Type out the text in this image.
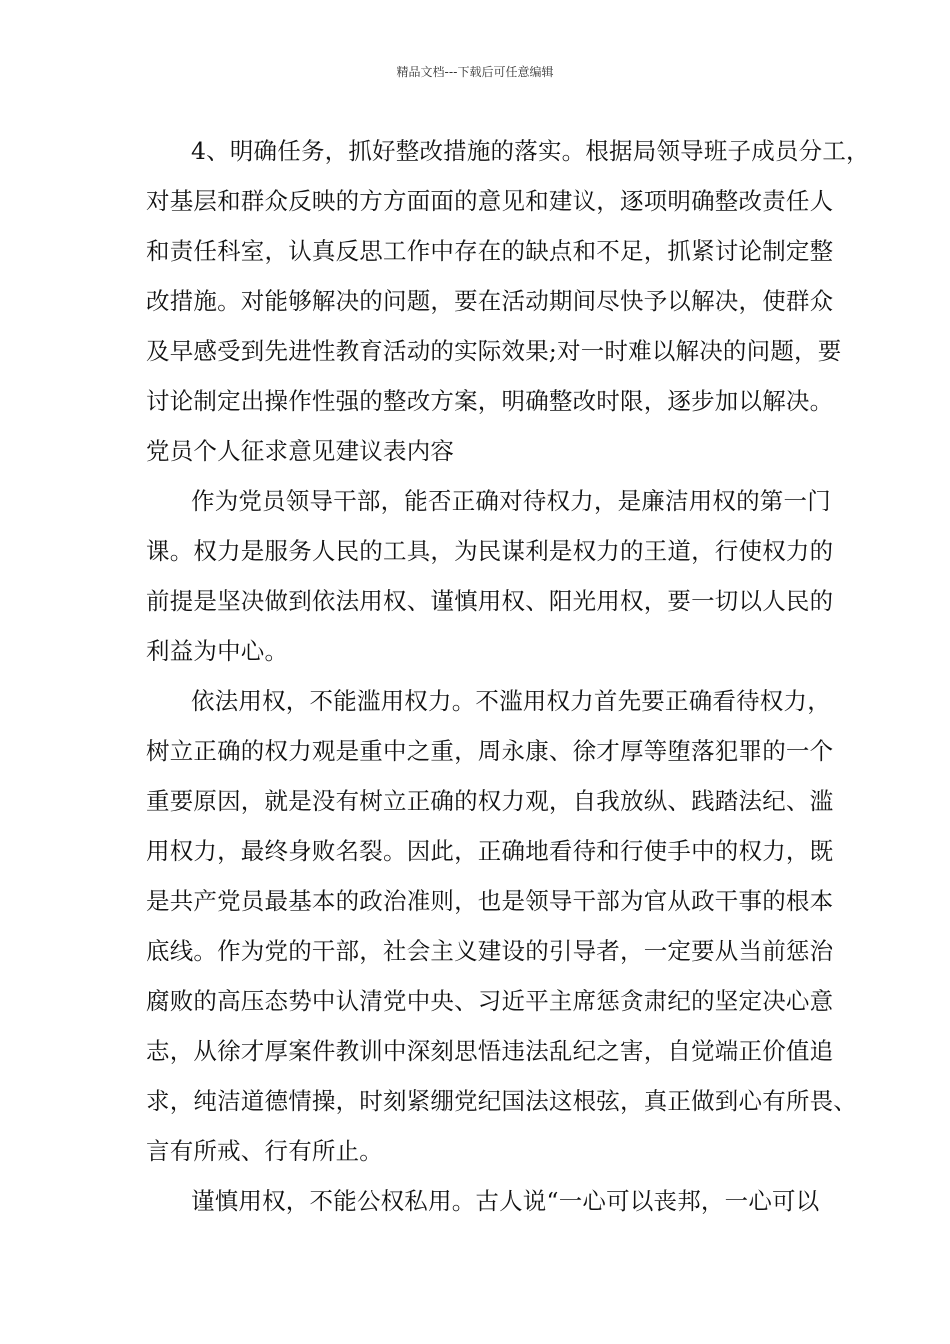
精品文档---下载后可任意编辑
4、明确任务，抓好整改措施的落实。根据局领导班子成员分工，
对基层和群众反映的方方面面的意见和建议，逐项明确整改责任人
和责任科室，认真反思工作中存在的缺点和不足，抓紧讨论制定整
改措施。对能够解决的问题，要在活动期间尽快予以解决，使群众
及早感受到先进性教育活动的实际效果;对一时难以解决的问题，要
讨论制定出操作性强的整改方案，明确整改时限，逐步加以解决。
党员个人征求意见建议表内容
作为党员领导干部，能否正确对待权力，是廉洁用权的第一门
课。权力是服务人民的工具，为民谋利是权力的王道，行使权力的
前提是坚决做到依法用权、谨慎用权、阳光用权，要一切以人民的
利益为中心。
依法用权，不能滥用权力。不滥用权力首先要正确看待权力，
树立正确的权力观是重中之重，周永康、徐才厚等堕落犯罪的一个
重要原因，就是没有树立正确的权力观，自我放纵、践踏法纪、滥
用权力，最终身败名裂。因此，正确地看待和行使手中的权力，既
是共产党员最基本的政治准则，也是领导干部为官从政干事的根本
底线。作为党的干部，社会主义建设的引导者，一定要从当前惩治
腐败的高压态势中认清党中央、习近平主席惩贪肃纪的坚定决心意
志，从徐才厚案件教训中深刻思悟违法乱纪之害，自觉端正价值追
求，纯洁道德情操，时刻紧绷党纪国法这根弦，真正做到心有所畏、
言有所戒、行有所止。
谨慎用权，不能公权私用。古人说“一心可以丧邦，一心可以
